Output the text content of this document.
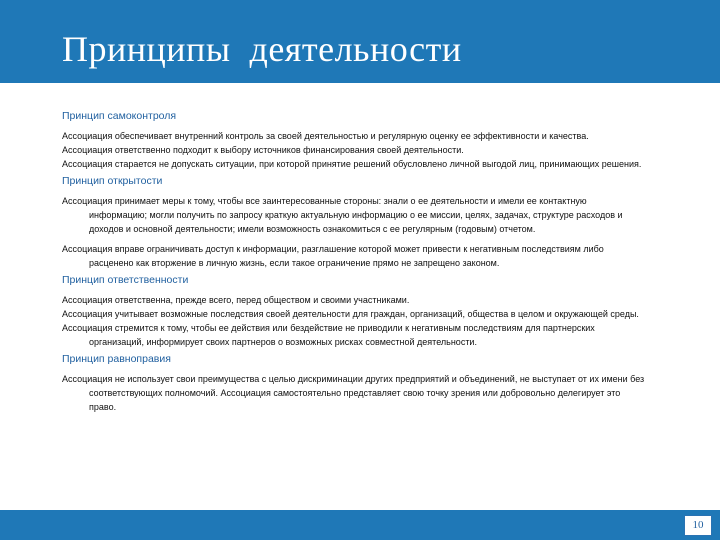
Принципы  деятельности

Принцип самоконтроля

Ассоциация обеспечивает внутренний контроль за своей деятельностью и регулярную оценку ее эффективности и качества.

Ассоциация ответственно подходит к выбору источников финансирования своей деятельности.

Ассоциация старается не допускать ситуации, при которой принятие решений обусловлено личной выгодой лиц, принимающих решения.

Принцип открытости

Ассоциация принимает меры к тому, чтобы все заинтересованные стороны: знали о ее деятельности и имели ее контактную информацию; могли получить по запросу краткую актуальную информацию о ее миссии, целях, задачах, структуре расходов и доходов и основной деятельности; имели возможность ознакомиться с ее регулярным (годовым) отчетом.

Ассоциация вправе ограничивать доступ к информации, разглашение которой может привести к негативным последствиям либо расценено как вторжение в личную жизнь, если такое ограничение прямо не запрещено законом.

Принцип ответственности

Ассоциация ответственна, прежде всего, перед обществом и своими участниками.

Ассоциация учитывает возможные последствия своей деятельности для граждан, организаций, общества в целом и окружающей среды.

Ассоциация стремится к тому, чтобы ее действия или бездействие не приводили к негативным последствиям для партнерских организаций, информирует своих партнеров о возможных рисках совместной деятельности.

Принцип равноправия

Ассоциация не использует свои преимущества с целью дискриминации других предприятий и объединений, не выступает от их имени без соответствующих полномочий. Ассоциация самостоятельно представляет свою точку зрения или добровольно делегирует это право.

10
